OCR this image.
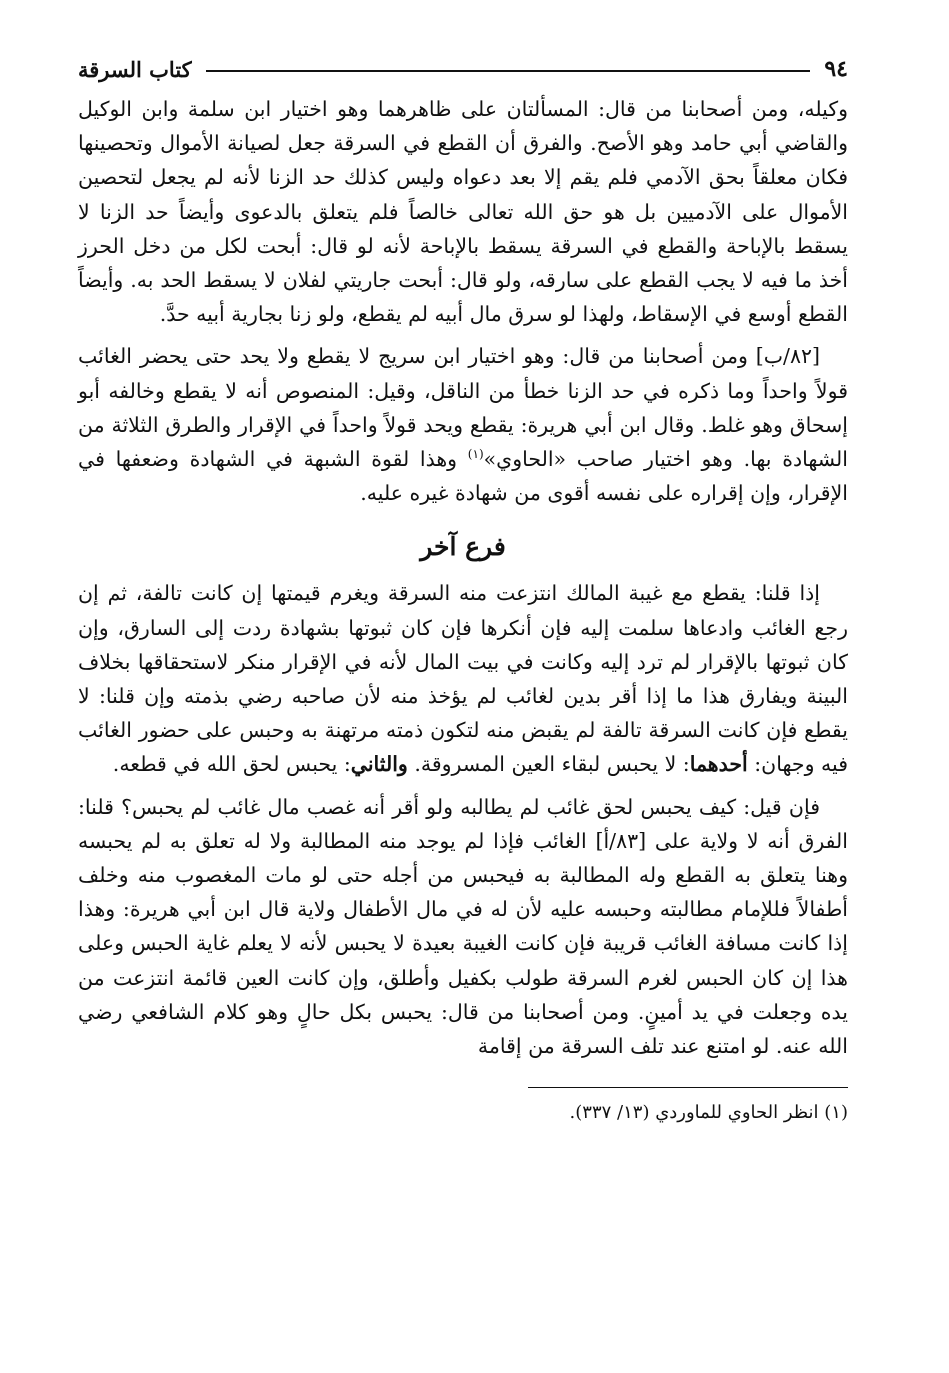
٩٤
كتاب السرقة

وكيله، ومن أصحابنا من قال: المسألتان على ظاهرهما وهو اختيار ابن سلمة وابن الوكيل والقاضي أبي حامد وهو الأصح. والفرق أن القطع في السرقة جعل لصيانة الأموال وتحصينها فكان معلقاً بحق الآدمي فلم يقم إلا بعد دعواه وليس كذلك حد الزنا لأنه لم يجعل لتحصين الأموال على الآدميين بل هو حق الله تعالى خالصاً فلم يتعلق بالدعوى وأيضاً حد الزنا لا يسقط بالإباحة والقطع في السرقة يسقط بالإباحة لأنه لو قال: أبحت لكل من دخل الحرز أخذ ما فيه لا يجب القطع على سارقه، ولو قال: أبحت جاريتي لفلان لا يسقط الحد به. وأيضاً القطع أوسع في الإسقاط، ولهذا لو سرق مال أبيه لم يقطع، ولو زنا بجارية أبيه حدَّ.

[٨٢/ب] ومن أصحابنا من قال: وهو اختيار ابن سريج لا يقطع ولا يحد حتى يحضر الغائب قولاً واحداً وما ذكره في حد الزنا خطأ من الناقل، وقيل: المنصوص أنه لا يقطع وخالفه أبو إسحاق وهو غلط. وقال ابن أبي هريرة: يقطع ويحد قولاً واحداً في الإقرار والطرق الثلاثة من الشهادة بها. وهو اختيار صاحب «الحاوي»$^{(١)}$ وهذا لقوة الشبهة في الشهادة وضعفها في الإقرار، وإن إقراره على نفسه أقوى من شهادة غيره عليه.

فرع آخر

إذا قلنا: يقطع مع غيبة المالك انتزعت منه السرقة ويغرم قيمتها إن كانت تالفة، ثم إن رجع الغائب وادعاها سلمت إليه فإن أنكرها فإن كان ثبوتها بشهادة ردت إلى السارق، وإن كان ثبوتها بالإقرار لم ترد إليه وكانت في بيت المال لأنه في الإقرار منكر لاستحقاقها بخلاف البينة ويفارق هذا ما إذا أقر بدين لغائب لم يؤخذ منه لأن صاحبه رضي بذمته وإن قلنا: لا يقطع فإن كانت السرقة تالفة لم يقبض منه لتكون ذمته مرتهنة به وحبس على حضور الغائب فيه وجهان: أحدهما: لا يحبس لبقاء العين المسروقة. والثاني: يحبس لحق الله في قطعه.

فإن قيل: كيف يحبس لحق غائب لم يطالبه ولو أقر أنه غصب مال غائب لم يحبس؟ قلنا: الفرق أنه لا ولاية على [٨٣/أ] الغائب فإذا لم يوجد منه المطالبة ولا له تعلق به لم يحبسه وهنا يتعلق به القطع وله المطالبة به فيحبس من أجله حتى لو مات المغصوب منه وخلف أطفالاً فللإمام مطالبته وحبسه عليه لأن له في مال الأطفال ولاية قال ابن أبي هريرة: وهذا إذا كانت مسافة الغائب قريبة فإن كانت الغيبة بعيدة لا يحبس لأنه لا يعلم غاية الحبس وعلى هذا إن كان الحبس لغرم السرقة طولب بكفيل وأطلق، وإن كانت العين قائمة انتزعت من يده وجعلت في يد أمينٍ. ومن أصحابنا من قال: يحبس بكل حالٍ وهو كلام الشافعي رضي الله عنه. لو امتنع عند تلف السرقة من إقامة

(١) انظر الحاوي للماوردي (١٣/ ٣٣٧).
